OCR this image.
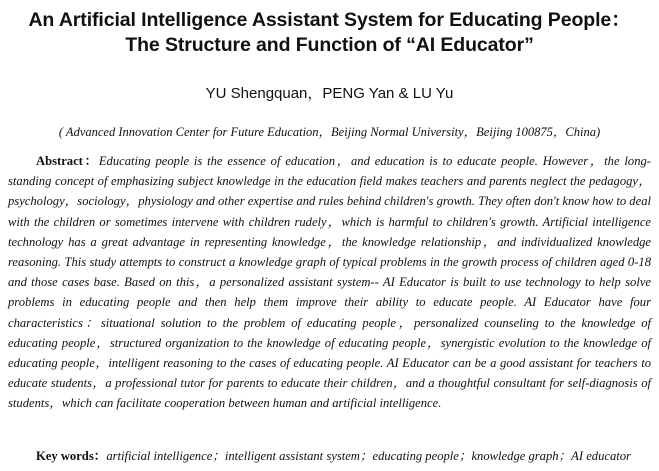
An Artificial Intelligence Assistant System for Educating People：
The Structure and Function of “AI Educator”
YU Shengquan，PENG Yan & LU Yu
( Advanced Innovation Center for Future Education，Beijing Normal University，Beijing 100875，China)

Abstract：Educating people is the essence of education，and education is to educate people. However，the long-standing concept of emphasizing subject knowledge in the education field makes teachers and parents neglect the pedagogy，psychology，sociology，physiology and other expertise and rules behind children's growth. They often don't know how to deal with the children or sometimes intervene with children rudely，which is harmful to children's growth. Artificial intelligence technology has a great advantage in representing knowledge，the knowledge relationship，and individualized knowledge reasoning. This study attempts to construct a knowledge graph of typical problems in the growth process of children aged 0-18 and those cases base. Based on this，a personalized assistant system-- AI Educator is built to use technology to help solve problems in educating people and then help them improve their ability to educate people. AI Educator have four characteristics：situational solution to the problem of educating people，personalized counseling to the knowledge of educating people，structured organization to the knowledge of educating people，synergistic evolution to the knowledge of educating people，intelligent reasoning to the cases of educating people. AI Educator can be a good assistant for teachers to educate students，a professional tutor for parents to educate their children，and a thoughtful consultant for self-diagnosis of students，which can facilitate cooperation between human and artificial intelligence.

Key words：artificial intelligence；intelligent assistant system；educating people；knowledge graph；AI educator
